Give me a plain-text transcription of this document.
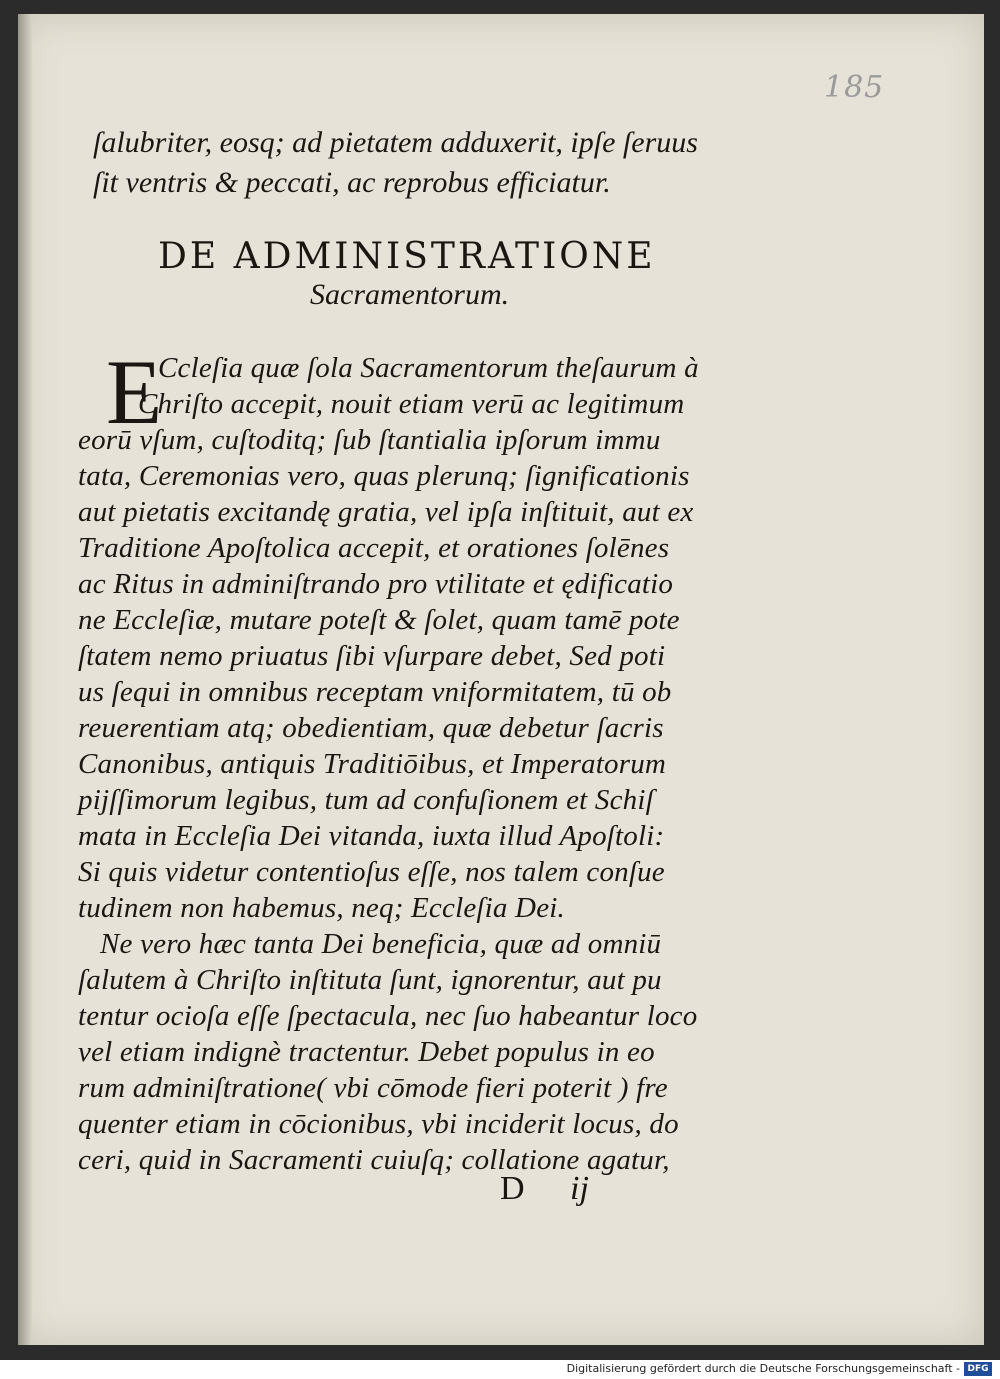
185
ſalubriter, eosq; ad pietatem adduxerit, ipſe ſeruus
ſit ventris & peccati, ac reprobus efficiatur.
DE ADMINISTRATIONE
Sacramentorum.
E
Ccleſia quæ ſola Sacramentorum theſaurum à
Chriſto accepit, nouit etiam verū ac legitimum
eorū vſum, cuſtoditq; ſub ſtantialia ipſorum immu
tata, Ceremonias vero, quas plerunq; ſignificationis
aut pietatis excitandę gratia, vel ipſa inſtituit, aut ex
Traditione Apoſtolica accepit, et orationes ſolēnes
ac Ritus in adminiſtrando pro vtilitate et ędificatio
ne Eccleſiæ, mutare poteſt & ſolet, quam tamē pote
ſtatem nemo priuatus ſibi vſurpare debet, Sed poti
us ſequi in omnibus receptam vniformitatem, tū ob
reuerentiam atq; obedientiam, quæ debetur ſacris
Canonibus, antiquis Traditiōibus, et Imperatorum
pijſſimorum legibus, tum ad confuſionem et Schiſ
mata in Eccleſia Dei vitanda, iuxta illud Apoſtoli:
Si quis videtur contentioſus eſſe, nos talem conſue
tudinem non habemus, neq; Eccleſia Dei.
Ne vero hæc tanta Dei beneficia, quæ ad omniū
ſalutem à Chriſto inſtituta ſunt, ignorentur, aut pu
tentur ocioſa eſſe ſpectacula, nec ſuo habeantur loco
vel etiam indignè tractentur. Debet populus in eo
rum adminiſtratione( vbi cōmode fieri poterit ) fre
quenter etiam in cōcionibus, vbi inciderit locus, do
ceri, quid in Sacramenti cuiuſq; collatione agatur,
D ij
Digitalisierung gefördert durch die Deutsche Forschungsgemeinschaft - DFG
